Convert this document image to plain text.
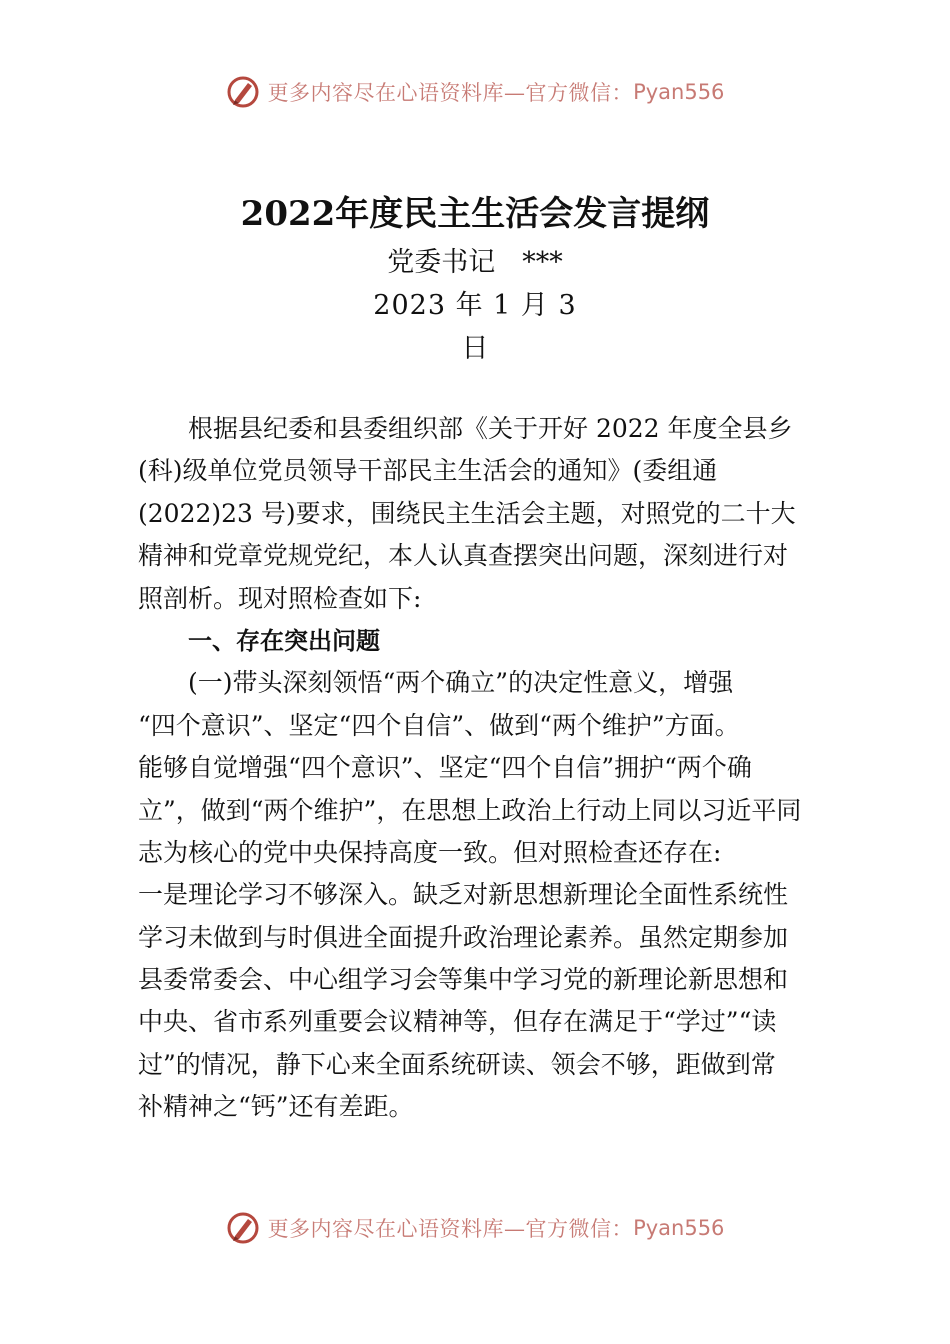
更多内容尽在心语资料库—官方微信： Pyan556
2022年度民主生活会发言提纲
党委书记　***
2023 年 1 月 3
日
　　根据县纪委和县委组织部《关于开好 2022 年度全县乡
(科)级单位党员领导干部民主生活会的通知》(委组通
(2022)23 号)要求，围绕民主生活会主题，对照党的二十大
精神和党章党规党纪，本人认真查摆突出问题，深刻进行对
照剖析。现对照检查如下:
一、存在突出问题
　　(一)带头深刻领悟“两个确立”的决定性意义，增强
“四个意识”、坚定“四个自信”、做到“两个维护”方面。
能够自觉增强“四个意识”、坚定“四个自信”拥护“两个确
立”，做到“两个维护”，在思想上政治上行动上同以习近平同
志为核心的党中央保持高度一致。但对照检查还存在:
一是理论学习不够深入。缺乏对新思想新理论全面性系统性
学习未做到与时俱进全面提升政治理论素养。虽然定期参加
县委常委会、中心组学习会等集中学习党的新理论新思想和
中央、省市系列重要会议精神等，但存在满足于“学过”“读
过”的情况，静下心来全面系统研读、领会不够，距做到常
补精神之“钙”还有差距。
更多内容尽在心语资料库—官方微信： Pyan556
